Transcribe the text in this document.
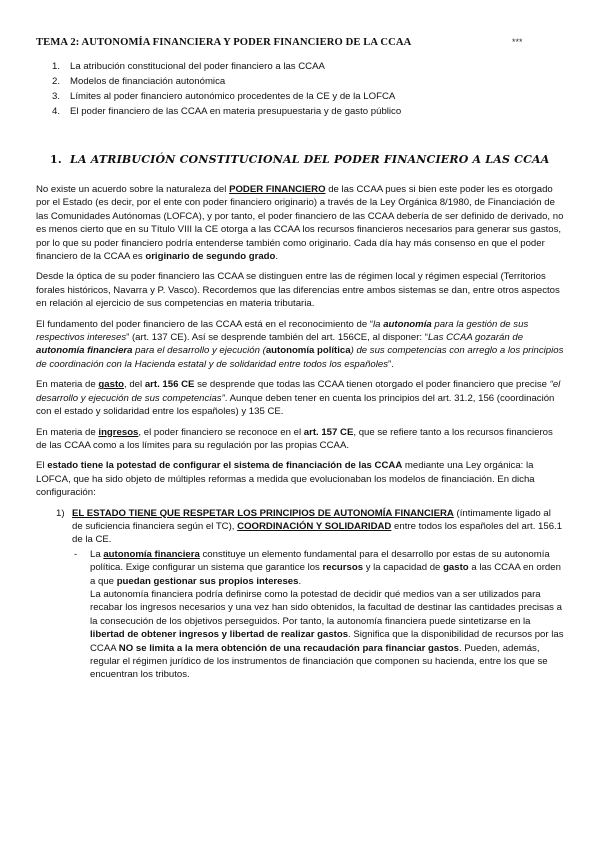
TEMA 2: AUTONOMÍA FINANCIERA Y PODER FINANCIERO DE LA CCAA	***
1.	La atribución constitucional del poder financiero a las CCAA
2.	Modelos de financiación autonómica
3.	Límites al poder financiero autonómico procedentes de la CE y de la LOFCA
4.	El poder financiero de las CCAA en materia presupuestaria y de gasto público
1. LA ATRIBUCIÓN CONSTITUCIONAL DEL PODER FINANCIERO A LAS CCAA

No existe un acuerdo sobre la naturaleza del PODER FINANCIERO de las CCAA pues si bien este poder les es otorgado por el Estado (es decir, por el ente con poder financiero originario) a través de la Ley Orgánica 8/1980, de Financiación de las Comunidades Autónomas (LOFCA), y por tanto, el poder financiero de las CCAA debería de ser definido de derivado, no es menos cierto que en su Título VIII la CE otorga a las CCAA los recursos financieros necesarios para generar sus gastos, por lo que su poder financiero podría entenderse también como originario. Cada día hay más consenso en que el poder financiero de la CCAA es originario de segundo grado.

Desde la óptica de su poder financiero las CCAA se distinguen entre las de régimen local y régimen especial (Territorios forales históricos, Navarra y P. Vasco). Recordemos que las diferencias entre ambos sistemas se dan, entre otros aspectos en relación al ejercicio de sus competencias en materia tributaria.

El fundamento del poder financiero de las CCAA está en el reconocimiento de “la autonomía para la gestión de sus respectivos intereses” (art. 137 CE). Así se desprende también del art. 156CE, al disponer: “Las CCAA gozarán de autonomía financiera para el desarrollo y ejecución (autonomía política) de sus competencias con arreglo a los principios de coordinación con la Hacienda estatal y de solidaridad entre todos los españoles”.

En materia de gasto, del art. 156 CE se desprende que todas las CCAA tienen otorgado el poder financiero que precise “el desarrollo y ejecución de sus competencias”. Aunque deben tener en cuenta los principios del art. 31.2, 156 (coordinación con el estado y solidaridad entre los españoles) y 135 CE.

En materia de ingresos, el poder financiero se reconoce en el art. 157 CE, que se refiere tanto a los recursos financieros de las CCAA como a los límites para su regulación por las propias CCAA.

El estado tiene la potestad de configurar el sistema de financiación de las CCAA mediante una Ley orgánica: la LOFCA, que ha sido objeto de múltiples reformas a medida que evolucionaban los modelos de financiación. En dicha configuración:

1) EL ESTADO TIENE QUE RESPETAR LOS PRINCIPIOS DE AUTONOMÍA FINANCIERA (íntimamente ligado al de suficiencia financiera según el TC), COORDINACIÓN Y SOLIDARIDAD entre todos los españoles del art. 156.1 de la CE.
-	La autonomía financiera constituye un elemento fundamental para el desarrollo por estas de su autonomía política. Exige configurar un sistema que garantice los recursos y la capacidad de gasto a las CCAA en orden a que puedan gestionar sus propios intereses.
La autonomía financiera podría definirse como la potestad de decidir qué medios van a ser utilizados para recabar los ingresos necesarios y una vez han sido obtenidos, la facultad de destinar las cantidades precisas a la consecución de los objetivos perseguidos. Por tanto, la autonomía financiera puede sintetizarse en la libertad de obtener ingresos y libertad de realizar gastos. Significa que la disponibilidad de recursos por las CCAA NO se limita a la mera obtención de una recaudación para financiar gastos. Pueden, además, regular el régimen jurídico de los instrumentos de financiación que componen su hacienda, entre los que se encuentran los tributos.
